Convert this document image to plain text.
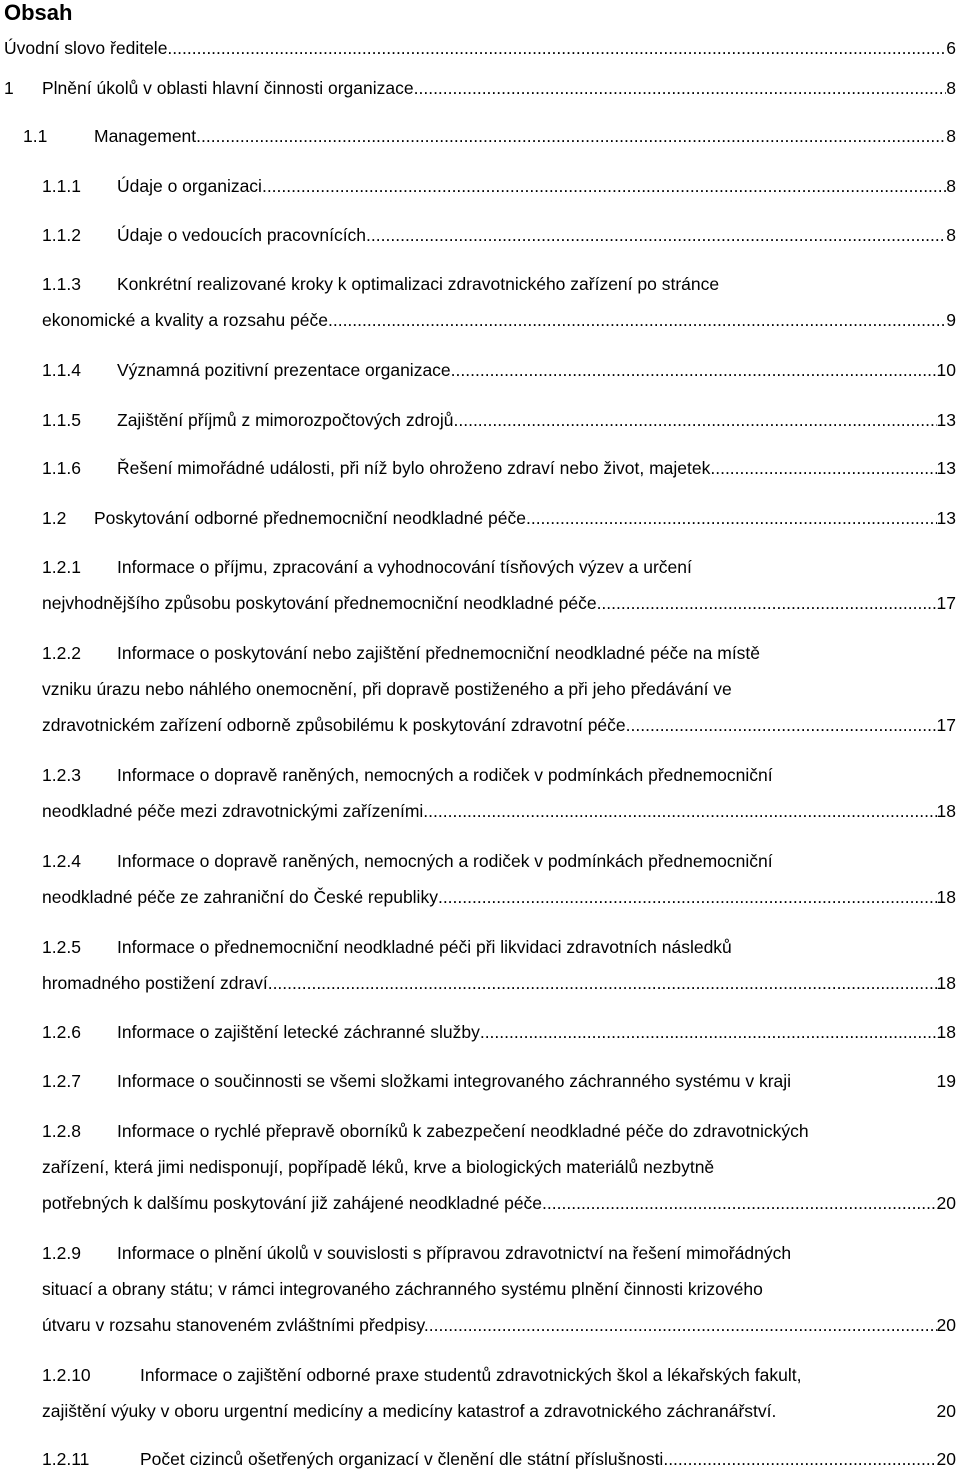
Obsah
Úvodní slovo ředitele .....	6
1	Plnění úkolů v oblasti hlavní činnosti organizace .....	8
1.1	Management .....	8
1.1.1	Údaje o organizaci .....	8
1.1.2	Údaje o vedoucích pracovnících .....	8
1.1.3	Konkrétní realizované kroky k optimalizaci zdravotnického zařízení po stránce
ekonomické a kvality a rozsahu péče .....	9
1.1.4	Významná pozitivní prezentace organizace .....	10
1.1.5	Zajištění příjmů z mimorozpočtových zdrojů .....	13
1.1.6	Řešení mimořádné události, při níž bylo ohroženo zdraví nebo život, majetek .....	13
1.2	Poskytování odborné přednemocniční neodkladné péče .....	13
1.2.1	Informace o příjmu, zpracování a vyhodnocování tísňových výzev a určení
nejvhodnějšího způsobu poskytování přednemocniční neodkladné péče .....	17
1.2.2	Informace o poskytování nebo zajištění přednemocniční neodkladné péče na místě
vzniku úrazu nebo náhlého onemocnění, při dopravě postiženého a při jeho předávání ve
zdravotnickém zařízení odborně způsobilému k poskytování zdravotní péče .....	17
1.2.3	Informace o dopravě raněných, nemocných a rodiček v podmínkách přednemocniční
neodkladné péče mezi zdravotnickými zařízeními .....	18
1.2.4	Informace o dopravě raněných, nemocných a rodiček v podmínkách přednemocniční
neodkladné péče ze zahraniční do České republiky .....	18
1.2.5	Informace o přednemocniční neodkladné péči při likvidaci zdravotních následků
hromadného postižení zdraví .....	18
1.2.6	Informace o zajištění letecké záchranné služby .....	18
1.2.7	Informace o součinnosti se všemi složkami integrovaného záchranného systému v kraji	19
1.2.8	Informace o rychlé přepravě oborníků k zabezpečení neodkladné péče do zdravotnických
zařízení, která jimi nedisponují, popřípadě léků, krve a biologických materiálů nezbytně
potřebných k dalšímu poskytování již zahájené neodkladné péče .....	20
1.2.9	Informace o plnění úkolů v souvislosti s přípravou zdravotnictví na řešení mimořádných
situací a obrany státu; v rámci integrovaného záchranného systému plnění činnosti krizového
útvaru v rozsahu stanoveném zvláštními předpisy. .....	20
1.2.10	Informace o zajištění odborné praxe studentů zdravotnických škol a lékařských fakult,
zajištění výuky v oboru urgentní medicíny a medicíny katastrof a zdravotnického záchranářství.	20
1.2.11	Počet cizinců ošetřených organizací v členění dle státní příslušnosti .....	20
